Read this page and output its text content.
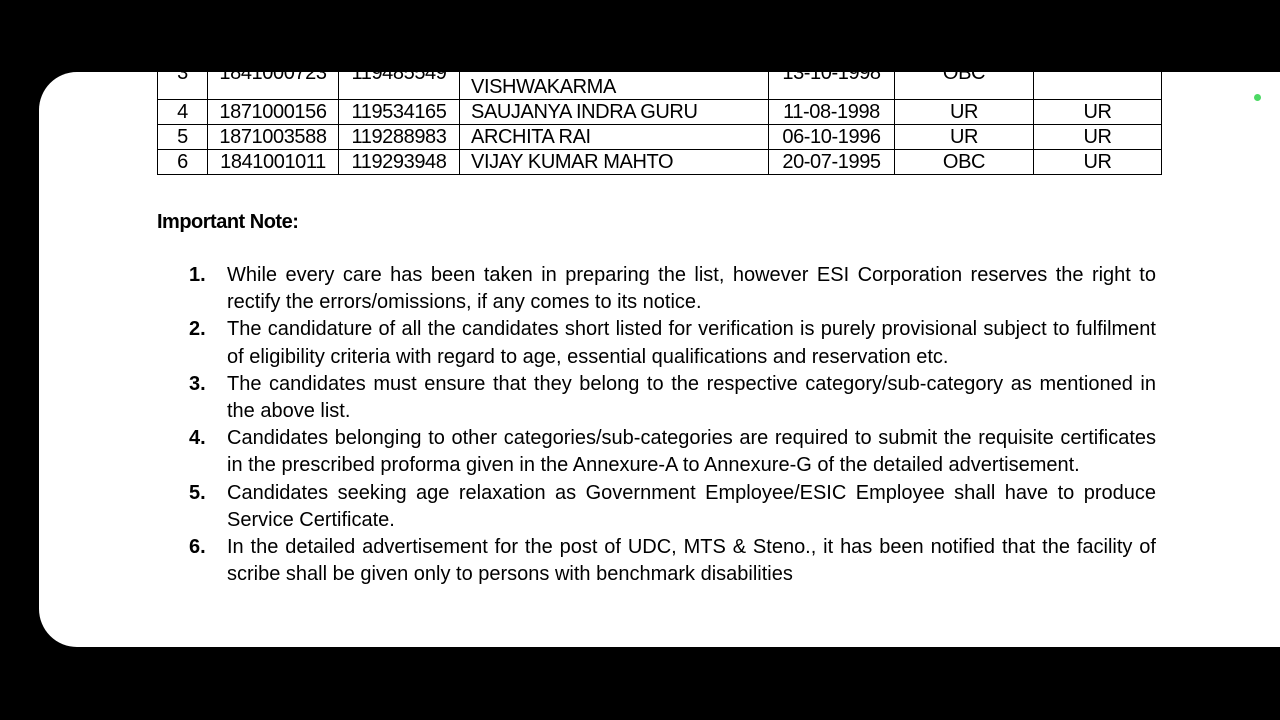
3	1841000723	119485549	VISHAL KUMAR
VISHWAKARMA	13-10-1998	OBC	UR

4	1871000156	119534165	SAUJANYA INDRA GURU	11-08-1998	UR	UR
5	1871003588	119288983	ARCHITA RAI	06-10-1996	UR	UR
6	1841001011	119293948	VIJAY KUMAR MAHTO	20-07-1995	OBC	UR
Important Note:
1. While every care has been taken in preparing the list, however ESI Corporation reserves the right to rectify the errors/omissions, if any comes to its notice.
2. The candidature of all the candidates short listed for verification is purely provisional subject to fulfilment of eligibility criteria with regard to age, essential qualifications and reservation etc.
3. The candidates must ensure that they belong to the respective category/sub-category as mentioned in the above list.
4. Candidates belonging to other categories/sub-categories are required to submit the requisite certificates in the prescribed proforma given in the Annexure-A to Annexure-G of the detailed advertisement.
5. Candidates seeking age relaxation as Government Employee/ESIC Employee shall have to produce Service Certificate.
6. In the detailed advertisement for the post of UDC, MTS & Steno., it has been notified that the facility of scribe shall be given only to persons with benchmark disabilities
